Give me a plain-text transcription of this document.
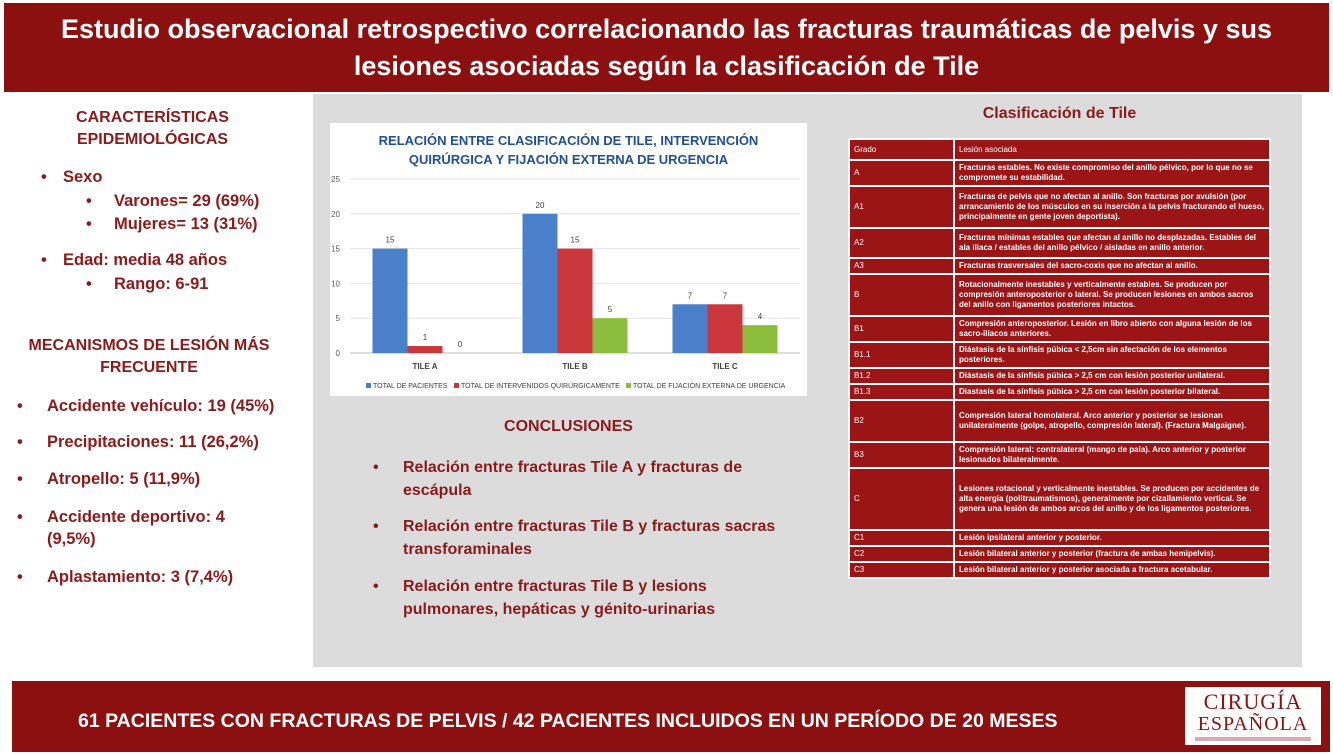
Estudio observacional retrospectivo correlacionando las fracturas traumáticas de pelvis y sus lesiones asociadas según la clasificación de Tile
CARACTERÍSTICAS
EPIDEMIOLÓGICAS
• Sexo
• Varones= 29 (69%)
• Mujeres= 13 (31%)
• Edad: media 48 años
• Rango: 6-91
MECANISMOS DE LESIÓN MÁS
FRECUENTE
• Accidente vehículo: 19 (45%)
• Precipitaciones: 11 (26,2%)
• Atropello: 5 (11,9%)
• Accidente deportivo: 4 (9,5%)
• Aplastamiento: 3 (7,4%)
RELACIÓN ENTRE CLASIFICACIÓN DE TILE, INTERVENCIÓN
QUIRÚRGICA Y FIJACIÓN EXTERNA DE URGENCIA
0
5
10
15
20
25
15
1
0
TILE A
20
15
5
TILE B
7	7
4
TILE C
TOTAL DE PACIENTES TOTAL DE INTERVENIDOS QUIRÚRGICAMENTE TOTAL DE FIJACIÓN EXTERNA DE URGENCIA
CONCLUSIONES
• Relación entre fracturas Tile A y fracturas de escápula
• Relación entre fracturas Tile B y fracturas sacras transforaminales
• Relación entre fracturas Tile B y lesions pulmonares, hepáticas y génito-urinarias
Clasificación de Tile
Grado	Lesión asociada
A	Fracturas estables. No existe compromiso del anillo pélvico, por lo que no se compromete su estabilidad.
A1	Fracturas de pelvis que no afectan al anillo. Son fracturas por avulsión (por arrancamiento de los músculos en su inserción a la pelvis fracturando el hueso, principalmente en gente joven deportista).
A2	Fracturas mínimas estables que afectan al anillo no desplazadas. Estables del ala iliaca / estables del anillo pélvico / aisladas en anillo anterior.
A3	Fracturas trasversales del sacro-coxis que no afectan al anillo.
B	Rotacionalmente inestables y verticalmente estables. Se producen por compresión anteroposterior o lateral. Se producen lesiones en ambos sacros del anillo con ligamentos posteriores intactos.
B1	Compresión anteroposterior. Lesión en libro abierto con alguna lesión de los sacro-ilíacos anteriores.
B1.1	Diástasis de la sínfisis púbica < 2,5cm sin afectación de los elementos posteriores.
B1.2	Diástasis de la sínfisis púbica > 2,5 cm con lesión posterior unilateral.
B1.3	Diastasis de la sínfisis púbica > 2,5 cm con lesión posterior bilateral.
B2	Compresión lateral homolateral. Arco anterior y posterior se lesionan unilateralmente (golpe, atropello, compresión lateral). (Fractura Malgaigne).
B3	Compresión lateral: contralateral (mango de pala). Arco anterior y posterior lesionados bilateralmente.
C	Lesiones rotacional y verticalmente inestables. Se producen por accidentes de alta energía (politraumatismos), generalmente por cizallamiento vertical. Se genera una lesión de ambos arcos del anillo y de los ligamentos posteriores.
C1	Lesión ipsilateral anterior y posterior.
C2	Lesión bilateral anterior y posterior (fractura de ambas hemipelvis).
C3	Lesión bilateral anterior y posterior asociada a fractura acetabular.
61 PACIENTES CON FRACTURAS DE PELVIS / 42 PACIENTES INCLUIDOS EN UN PERÍODO DE 20 MESES
CIRUGÍA
ESPAÑOLA
